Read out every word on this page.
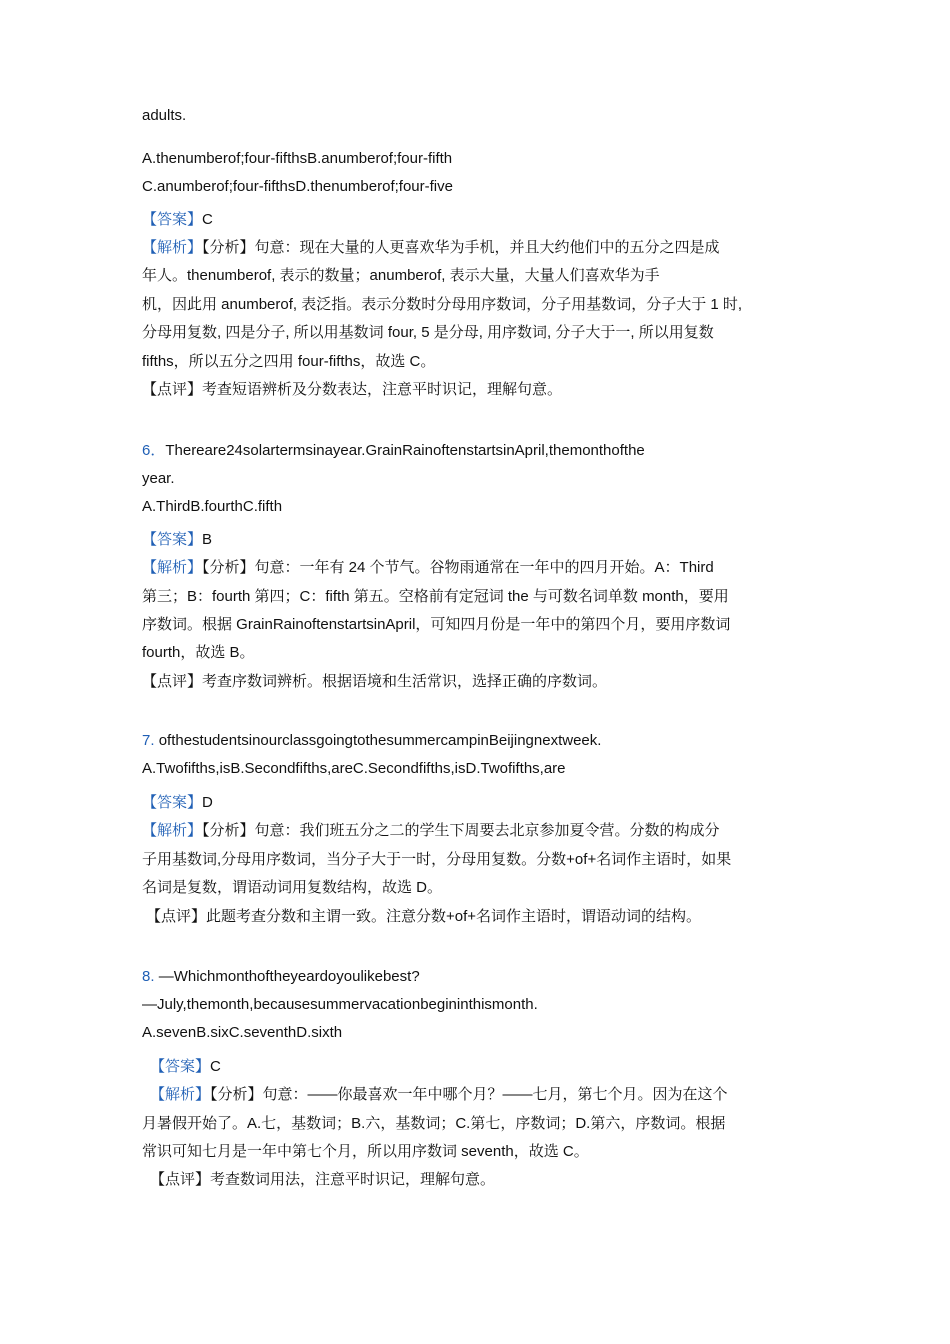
adults.
A.thenumberof;four-fifthsB.anumberof;four-fifth
C.anumberof;four-fifthsD.thenumberof;four-five
【答案】C
【解析】【分析】句意：现在大量的人更喜欢华为手机，并且大约他们中的五分之四是成
年人。thenumberof, 表示的数量；anumberof, 表示大量，大量人们喜欢华为手
机，因此用 anumberof, 表泛指。表示分数时分母用序数词，分子用基数词，分子大于 1 时,
分母用复数, 四是分子, 所以用基数词 four, 5 是分母, 用序数词, 分子大于一, 所以用复数
fifths，所以五分之四用 four-fifths，故选 C。
【点评】考查短语辨析及分数表达，注意平时识记，理解句意。
6．Thereare24solartermsinayear.GrainRainoftenstartsinApril,themonthofthe
year.
A.ThirdB.fourthC.fifth
【答案】B
【解析】【分析】句意：一年有 24 个节气。谷物雨通常在一年中的四月开始。A：Third
第三；B：fourth 第四；C：fifth 第五。空格前有定冠词 the 与可数名词单数 month，要用
序数词。根据 GrainRainoftenstartsinApril，可知四月份是一年中的第四个月，要用序数词
fourth，故选 B。
【点评】考查序数词辨析。根据语境和生活常识，选择正确的序数词。
7. ofthestudentsinourclassgoingtothesummercampinBeijingnextweek.
A.Twofifths,isB.Secondfifths,areC.Secondfifths,isD.Twofifths,are
【答案】D
【解析】【分析】句意：我们班五分之二的学生下周要去北京参加夏令营。分数的构成分
子用基数词,分母用序数词，当分子大于一时，分母用复数。分数+of+名词作主语时，如果
名词是复数，谓语动词用复数结构，故选 D。
【点评】此题考查分数和主谓一致。注意分数+of+名词作主语时，谓语动词的结构。
8. —Whichmonthoftheyeardoyoulikebest?
—July,themonth,becausesummervacationbegininthismonth.
A.sevenB.sixC.seventhD.sixth
【答案】C
【解析】【分析】句意：——你最喜欢一年中哪个月？——七月，第七个月。因为在这个
月暑假开始了。A.七，基数词；B.六，基数词；C.第七，序数词；D.第六，序数词。根据
常识可知七月是一年中第七个月，所以用序数词 seventh，故选 C。
【点评】考查数词用法，注意平时识记，理解句意。
